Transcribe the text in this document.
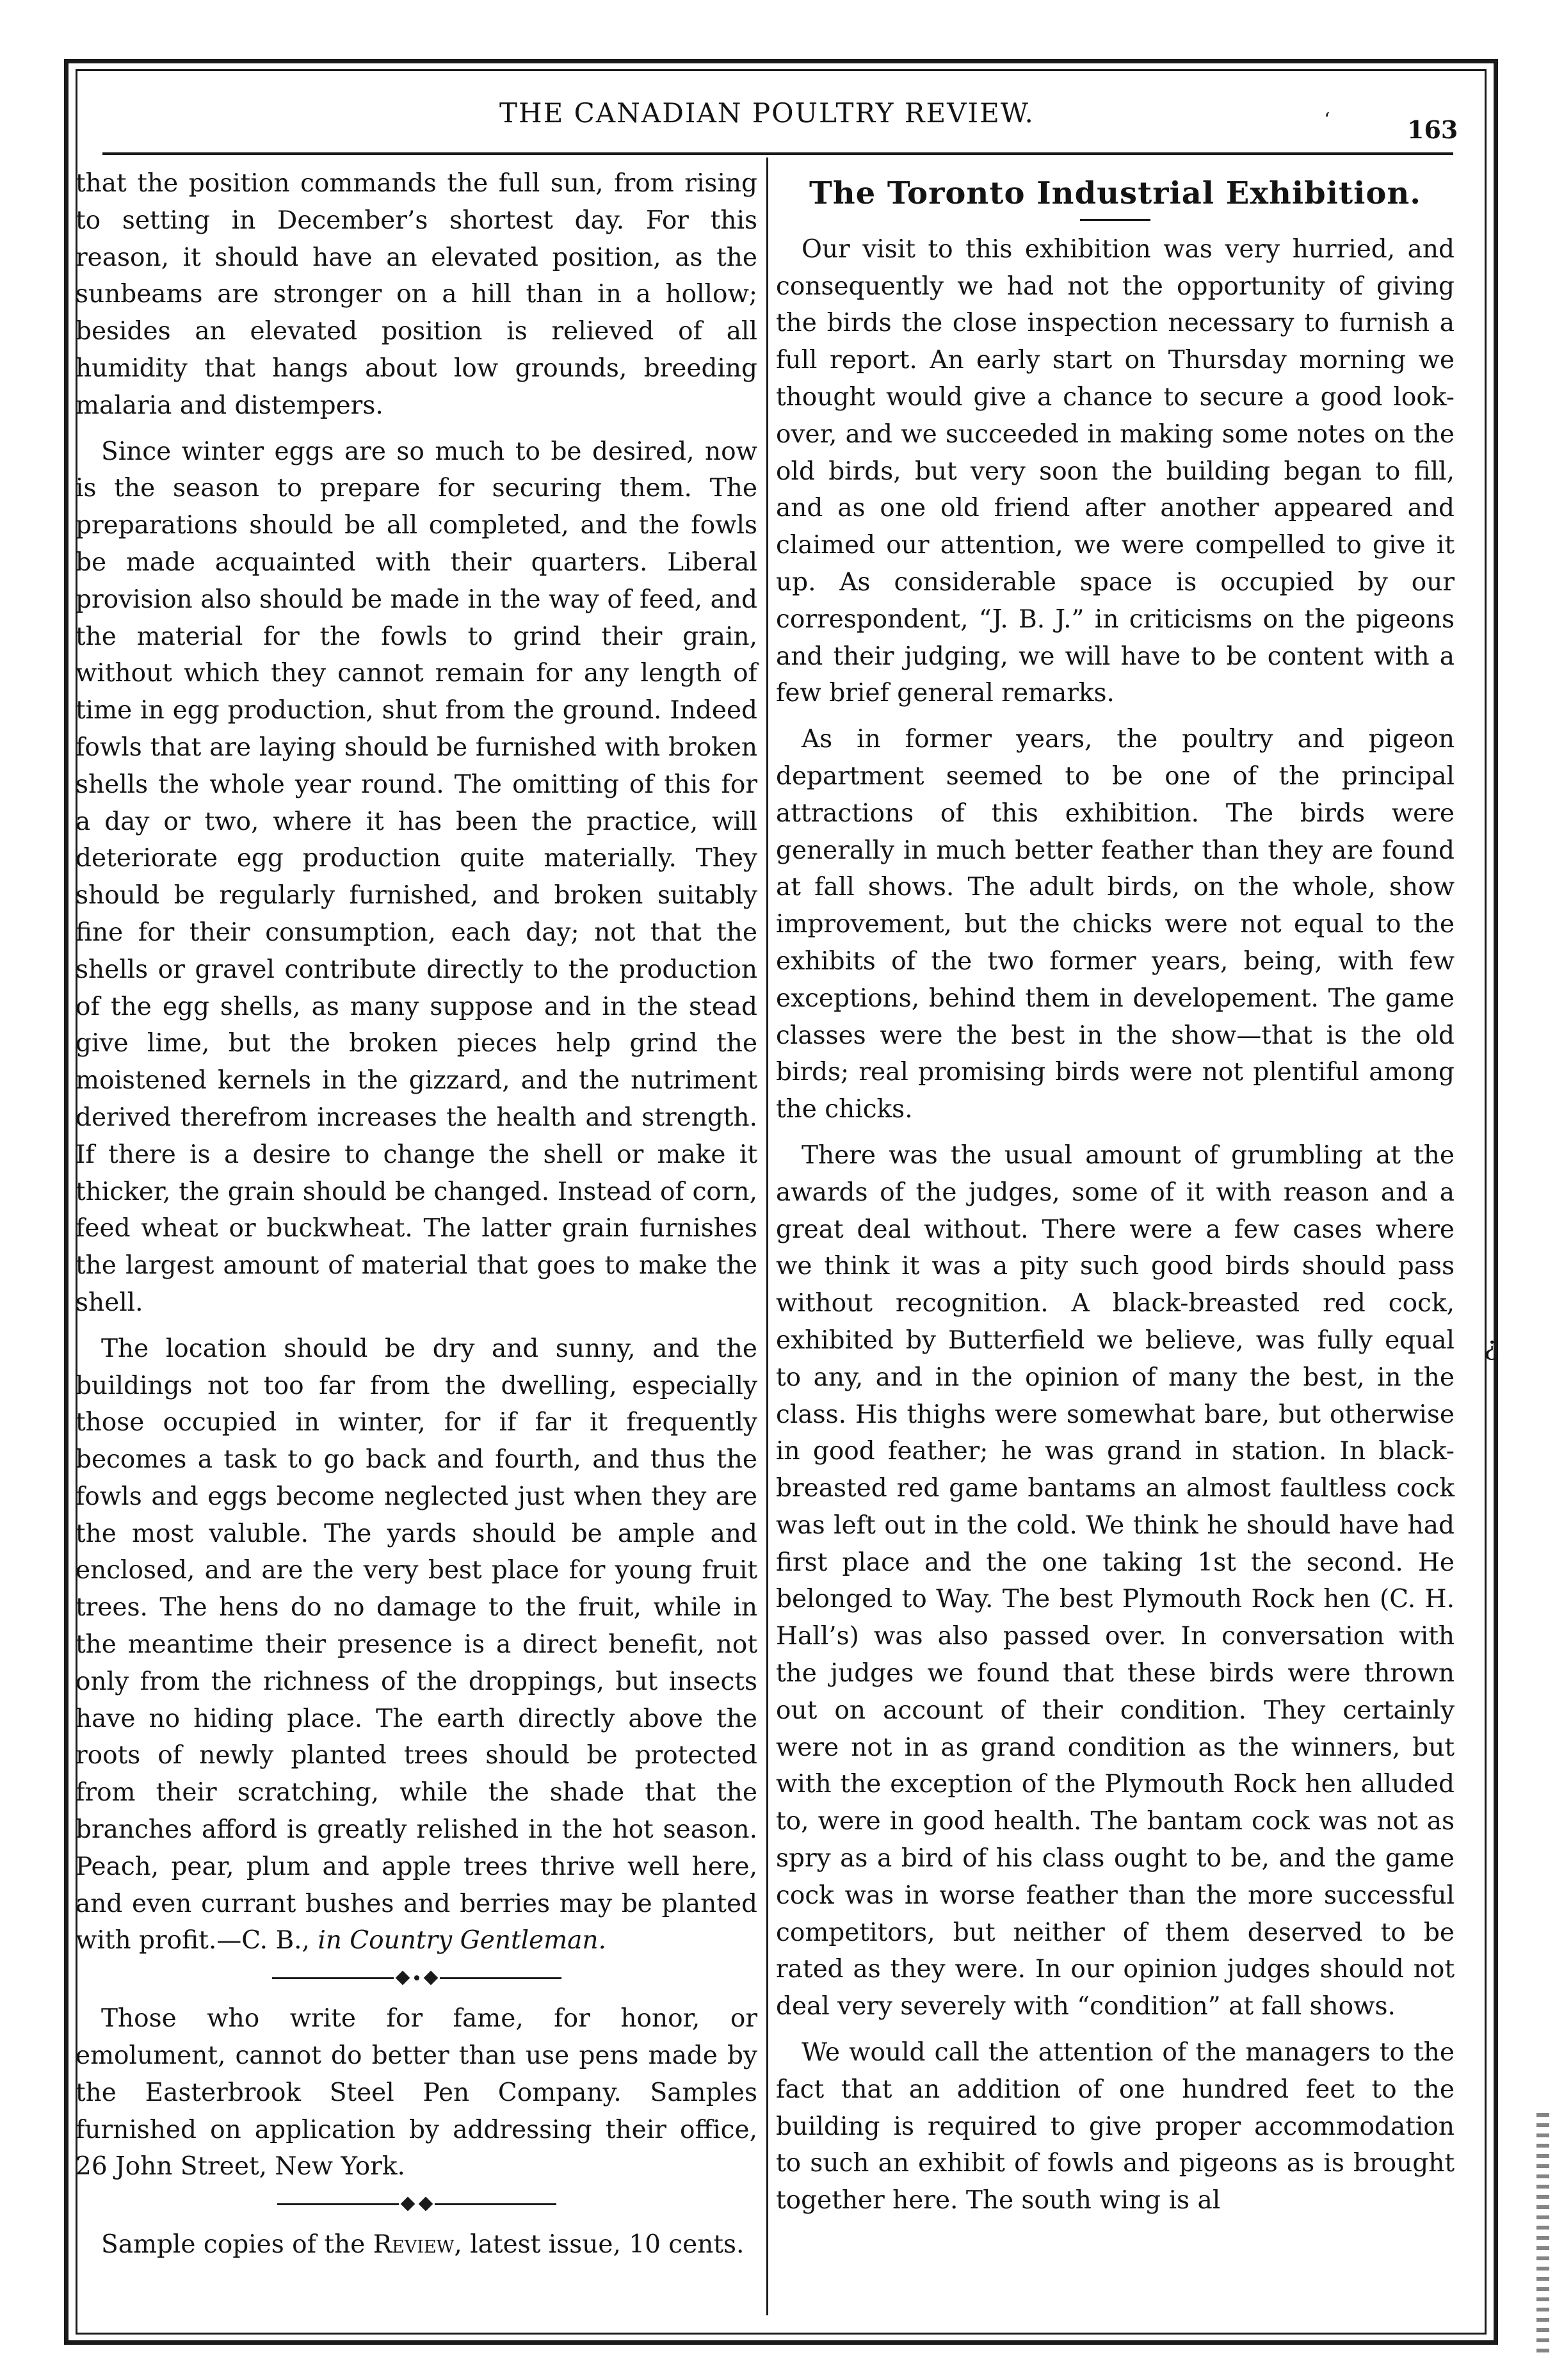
THE CANADIAN POULTRY REVIEW.	‘	163

that the position commands the full sun, from rising to setting in December’s shortest day. For this reason, it should have an elevated position, as the sunbeams are stronger on a hill than in a hollow; besides an elevated position is relieved of all humidity that hangs about low grounds, breeding malaria and distempers.

Since winter eggs are so much to be desired, now is the season to prepare for securing them. The preparations should be all completed, and the fowls be made acquainted with their quarters. Liberal provision also should be made in the way of feed, and the material for the fowls to grind their grain, without which they cannot remain for any length of time in egg production, shut from the ground. Indeed fowls that are laying should be furnished with broken shells the whole year round. The omitting of this for a day or two, where it has been the practice, will deteriorate egg production quite materially. They should be regularly furnished, and broken suitably fine for their consumption, each day; not that the shells or gravel contribute directly to the production of the egg shells, as many suppose and in the stead give lime, but the broken pieces help grind the moistened kernels in the gizzard, and the nutriment derived therefrom increases the health and strength. If there is a desire to change the shell or make it thicker, the grain should be changed. Instead of corn, feed wheat or buckwheat. The latter grain furnishes the largest amount of material that goes to make the shell.

The location should be dry and sunny, and the buildings not too far from the dwelling, especially those occupied in winter, for if far it frequently becomes a task to go back and fourth, and thus the fowls and eggs become neglected just when they are the most valuble. The yards should be ample and enclosed, and are the very best place for young fruit trees. The hens do no damage to the fruit, while in the meantime their presence is a direct benefit, not only from the richness of the droppings, but insects have no hiding place. The earth directly above the roots of newly planted trees should be protected from their scratching, while the shade that the branches afford is greatly relished in the hot season. Peach, pear, plum and apple trees thrive well here, and even currant bushes and berries may be planted with profit.—C. B., in Country Gentleman.

Those who write for fame, for honor, or emolument, cannot do better than use pens made by the Easterbrook Steel Pen Company. Samples furnished on application by addressing their office, 26 John Street, New York.

Sample copies of the Review, latest issue, 10 cents.

The Toronto Industrial Exhibition.

Our visit to this exhibition was very hurried, and consequently we had not the opportunity of giving the birds the close inspection necessary to furnish a full report. An early start on Thursday morning we thought would give a chance to secure a good look-over, and we succeeded in making some notes on the old birds, but very soon the building began to fill, and as one old friend after another appeared and claimed our attention, we were compelled to give it up. As considerable space is occupied by our correspondent, “J. B. J.” in criticisms on the pigeons and their judging, we will have to be content with a few brief general remarks.

As in former years, the poultry and pigeon department seemed to be one of the principal attractions of this exhibition. The birds were generally in much better feather than they are found at fall shows. The adult birds, on the whole, show improvement, but the chicks were not equal to the exhibits of the two former years, being, with few exceptions, behind them in developement. The game classes were the best in the show—that is the old birds; real promising birds were not plentiful among the chicks.

There was the usual amount of grumbling at the awards of the judges, some of it with reason and a great deal without. There were a few cases where we think it was a pity such good birds should pass without recognition. A black-breasted red cock, exhibited by Butterfield we believe, was fully equal to any, and in the opinion of many the best, in the class. His thighs were somewhat bare, but otherwise in good feather; he was grand in station. In black-breasted red game bantams an almost faultless cock was left out in the cold. We think he should have had first place and the one taking 1st the second. He belonged to Way. The best Plymouth Rock hen (C. H. Hall’s) was also passed over. In conversation with the judges we found that these birds were thrown out on account of their condition. They certainly were not in as grand condition as the winners, but with the exception of the Plymouth Rock hen alluded to, were in good health. The bantam cock was not as spry as a bird of his class ought to be, and the game cock was in worse feather than the more successful competitors, but neither of them deserved to be rated as they were. In our opinion judges should not deal very severely with “condition” at fall shows.

We would call the attention of the managers to the fact that an addition of one hundred feet to the building is required to give proper accommodation to such an exhibit of fowls and pigeons as is brought together here. The south wing is al

¿
